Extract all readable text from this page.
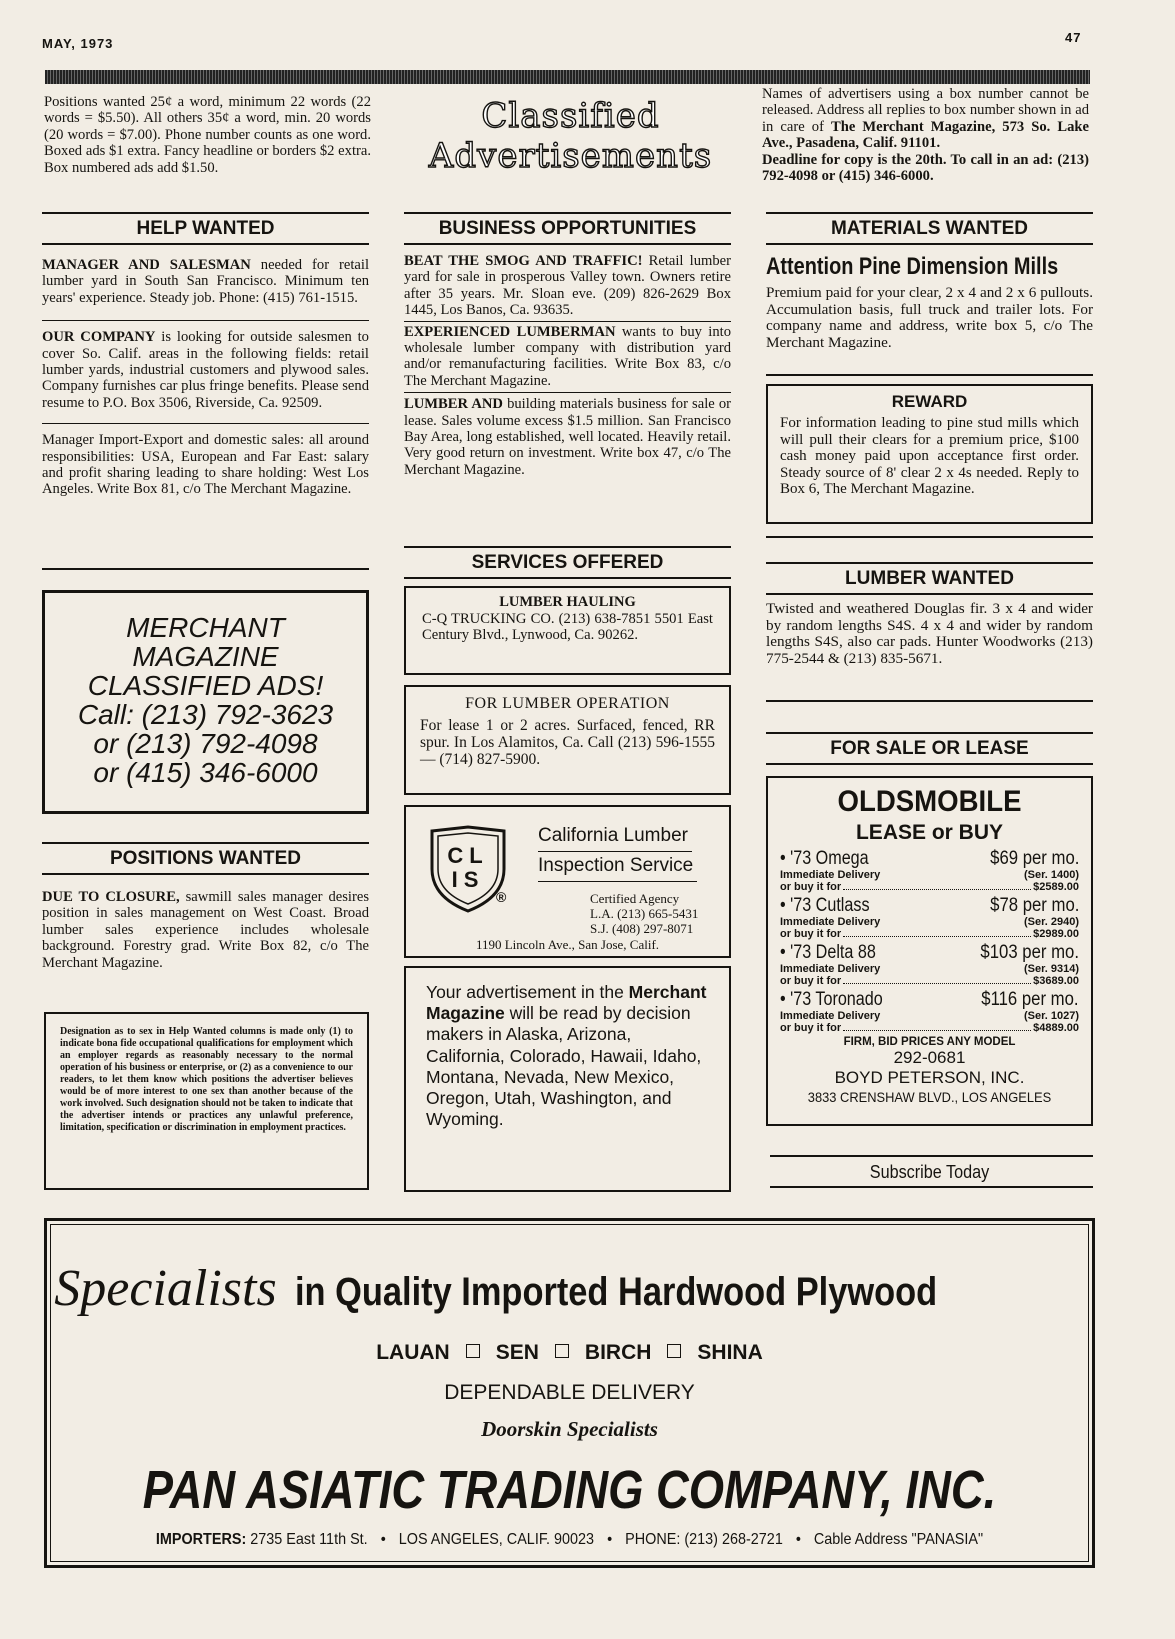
MAY, 1973	47

Positions wanted 25¢ a word, minimum 22 words (22 words = $5.50). All others 35¢ a word, min. 20 words (20 words = $7.00). Phone number counts as one word. Boxed ads $1 extra. Fancy headline or borders $2 extra. Box numbered ads add $1.50.

Classified
Advertisements

Names of advertisers using a box number cannot be released. Address all replies to box number shown in ad in care of The Merchant Magazine, 573 So. Lake Ave., Pasadena, Calif. 91101.
Deadline for copy is the 20th. To call in an ad: (213) 792-4098 or (415) 346-6000.

HELP WANTED

MANAGER AND SALESMAN needed for retail lumber yard in South San Francisco. Minimum ten years' experience. Steady job. Phone: (415) 761-1515.

OUR COMPANY is looking for outside salesmen to cover So. Calif. areas in the following fields: retail lumber yards, industrial customers and plywood sales. Company furnishes car plus fringe benefits. Please send resume to P.O. Box 3506, Riverside, Ca. 92509.

Manager Import-Export and domestic sales: all around responsibilities: USA, European and Far East: salary and profit sharing leading to share holding: West Los Angeles. Write Box 81, c/o The Merchant Magazine.

MERCHANT
MAGAZINE
CLASSIFIED ADS!
Call: (213) 792-3623
or (213) 792-4098
or (415) 346-6000
POSITIONS WANTED

DUE TO CLOSURE, sawmill sales manager desires position in sales management on West Coast. Broad lumber sales experience includes wholesale background. Forestry grad. Write Box 82, c/o The Merchant Magazine.

Designation as to sex in Help Wanted columns is made only (1) to indicate bona fide occupational qualifications for employment which an employer regards as reasonably necessary to the normal operation of his business or enterprise, or (2) as a convenience to our readers, to let them know which positions the advertiser believes would be of more interest to one sex than another because of the work involved. Such designation should not be taken to indicate that the advertiser intends or practices any unlawful preference, limitation, specification or discrimination in employment practices.

BUSINESS OPPORTUNITIES

BEAT THE SMOG AND TRAFFIC! Retail lumber yard for sale in prosperous Valley town. Owners retire after 35 years. Mr. Sloan eve. (209) 826-2629 Box 1445, Los Banos, Ca. 93635.

EXPERIENCED LUMBERMAN wants to buy into wholesale lumber company with distribution yard and/or remanufacturing facilities. Write Box 83, c/o The Merchant Magazine.

LUMBER AND building materials business for sale or lease. Sales volume excess $1.5 million. San Francisco Bay Area, long established, well located. Heavily retail. Very good return on investment. Write box 47, c/o The Merchant Magazine.

SERVICES OFFERED
LUMBER HAULING

C-Q TRUCKING CO. (213) 638-7851 5501 East Century Blvd., Lynwood, Ca. 90262.

FOR LUMBER OPERATION

For lease 1 or 2 acres. Surfaced, fenced, RR spur. In Los Alamitos, Ca. Call (213) 596-1555 — (714) 827-5900.

CL
IS
®
California Lumber
Inspection Service
Certified Agency
L.A. (213) 665-5431
S.J. (408) 297-8071
1190 Lincoln Ave., San Jose, Calif.

Your advertisement in the Merchant Magazine will be read by decision makers in Alaska, Arizona, California, Colorado, Hawaii, Idaho, Montana, Nevada, New Mexico, Oregon, Utah, Washington, and Wyoming.

MATERIALS WANTED
Attention Pine Dimension Mills

Premium paid for your clear, 2 x 4 and 2 x 6 pullouts. Accumulation basis, full truck and trailer lots. For company name and address, write box 5, c/o The Merchant Magazine.

REWARD

For information leading to pine stud mills which will pull their clears for a premium price, $100 cash money paid upon acceptance first order. Steady source of 8' clear 2 x 4s needed. Reply to Box 6, The Merchant Magazine.

LUMBER WANTED

Twisted and weathered Douglas fir. 3 x 4 and wider by random lengths S4S. 4 x 4 and wider by random lengths S4S, also car pads. Hunter Woodworks (213) 775-2544 & (213) 835-5671.

FOR SALE OR LEASE
OLDSMOBILE
LEASE or BUY
• '73 Omega	$69 per mo.
Immediate Delivery	(Ser. 1400)
or buy it for	$2589.00
• '73 Cutlass	$78 per mo.
Immediate Delivery	(Ser. 2940)
or buy it for	$2989.00
• '73 Delta 88	$103 per mo.
Immediate Delivery	(Ser. 9314)
or buy it for	$3689.00
• '73 Toronado	$116 per mo.
Immediate Delivery	(Ser. 1027)
or buy it for	$4889.00
FIRM, BID PRICES ANY MODEL
292-0681
BOYD PETERSON, INC.
3833 CRENSHAW BLVD., LOS ANGELES
Subscribe Today
Specialists in Quality Imported Hardwood Plywood
LAUAN SEN BIRCH SHINA
DEPENDABLE DELIVERY
Doorskin Specialists
PAN ASIATIC TRADING COMPANY, INC.
IMPORTERS: 2735 East 11th St. • LOS ANGELES, CALIF. 90023 • PHONE: (213) 268-2721 • Cable Address "PANASIA"
